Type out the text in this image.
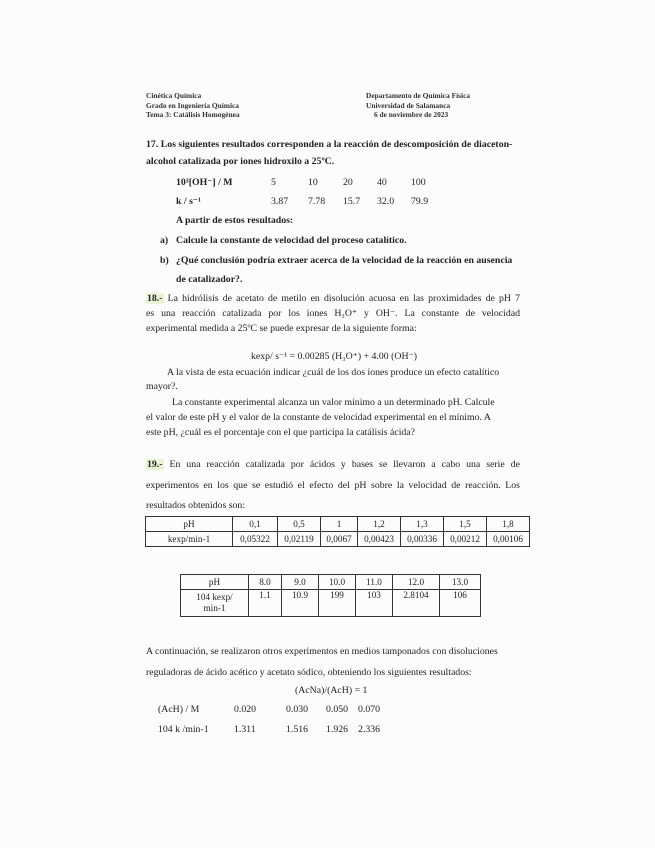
Cinética Química
Grado en Ingeniería Química
Tema 3: Catálisis Homogénea
Departamento de Química Física
Universidad de Salamanca
6 de noviembre de 2023
17. Los siguientes resultados corresponden a la reacción de descomposición de diaceton-
alcohol catalizada por iones hidroxilo a 25ºC.
10³[OH⁻] / M	5	10	20	40	100
k / s⁻¹	3.87	7.78	15.7	32.0	79.9
A partir de estos resultados:
a) Calcule la constante de velocidad del proceso catalítico.
b) ¿Qué conclusión podría extraer acerca de la velocidad de la reacción en ausencia
de catalizador?.
18.- La hidrólisis de acetato de metilo en disolución acuosa en las proximidades de pH 7
es una reacción catalizada por los iones H₃O⁺ y OH⁻. La constante de velocidad
experimental medida a 25ºC se puede expresar de la siguiente forma:
kexp/ s⁻¹ = 0.00285 (H₃O⁺) + 4.00 (OH⁻)
A la vista de esta ecuación indicar ¿cuál de los dos iones produce un efecto catalítico
mayor?.
La constante experimental alcanza un valor mínimo a un determinado pH. Calcule
el valor de este pH y el valor de la constante de velocidad experimental en el mínimo. A
este pH, ¿cuál es el porcentaje con el que participa la catálisis ácida?
19.- En una reacción catalizada por ácidos y bases se llevaron a cabo una serie de
experimentos en los que se estudió el efecto del pH sobre la velocidad de reacción. Los
resultados obtenidos son:
pH	0,1	0,5	1	1,2	1,3	1,5	1,8
kexp/min-1	0,05322	0,02119	0,0067	0,00423	0,00336	0,00212	0,00106
pH	8.0	9.0	10.0	11.0	12.0	13.0

104 kexp/
min-1	1.1	10.9	199	103	2.8104	106
A continuación, se realizaron otros experimentos en medios tamponados con disoluciones
reguladoras de ácido acético y acetato sódico, obteniendo los siguientes resultados:
(AcNa)/(AcH) = 1
(AcH) / M	0.020	0.030	0.050	0.070
104 k /min-1	1.311	1.516	1.926	2.336
